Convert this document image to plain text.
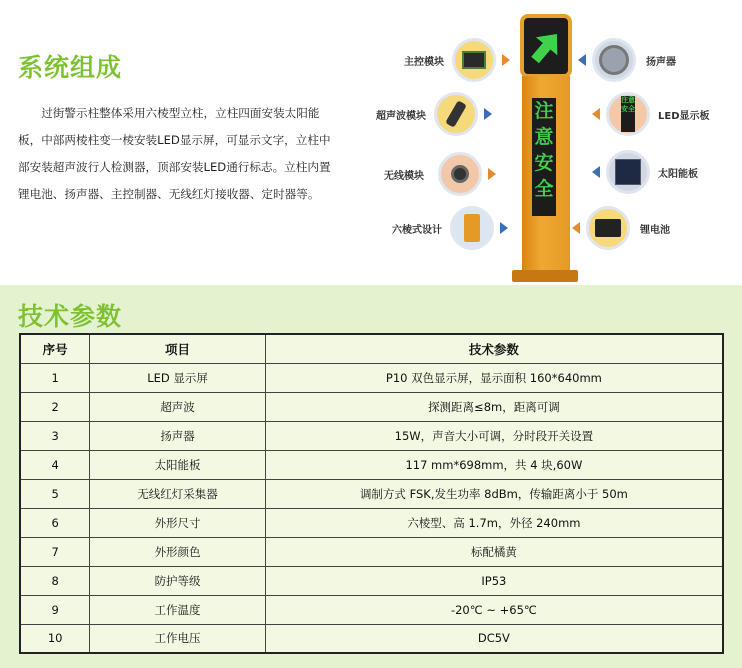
系统组成
过街警示柱整体采用六棱型立柱，立柱四面安装太阳能板，中部两棱柱变一棱安装LED显示屏，可显示文字，立柱中部安装超声波行人检测器，顶部安装LED通行标志。立柱内置锂电池、扬声器、主控制器、无线红灯接收器、定时器等。
注
意
安
全
主控模块
超声波模块
无线模块
六棱式设计
扬声器
注意安全
LED显示板
太阳能板
锂电池
技术参数
序号	项目	技术参数
1	LED 显示屏	P10 双色显示屏，显示面积 160*640mm
2	超声波	探测距离≤8m，距离可调
3	扬声器	15W，声音大小可调，分时段开关设置
4	太阳能板	117 mm*698mm，共 4 块,60W
5	无线红灯采集器	调制方式 FSK,发生功率 8dBm，传输距离小于 50m
6	外形尺寸	六棱型、高 1.7m，外径 240mm
7	外形颜色	标配橘黄
8	防护等级	IP53
9	工作温度	-20℃ ~ +65℃
10	工作电压	DC5V
